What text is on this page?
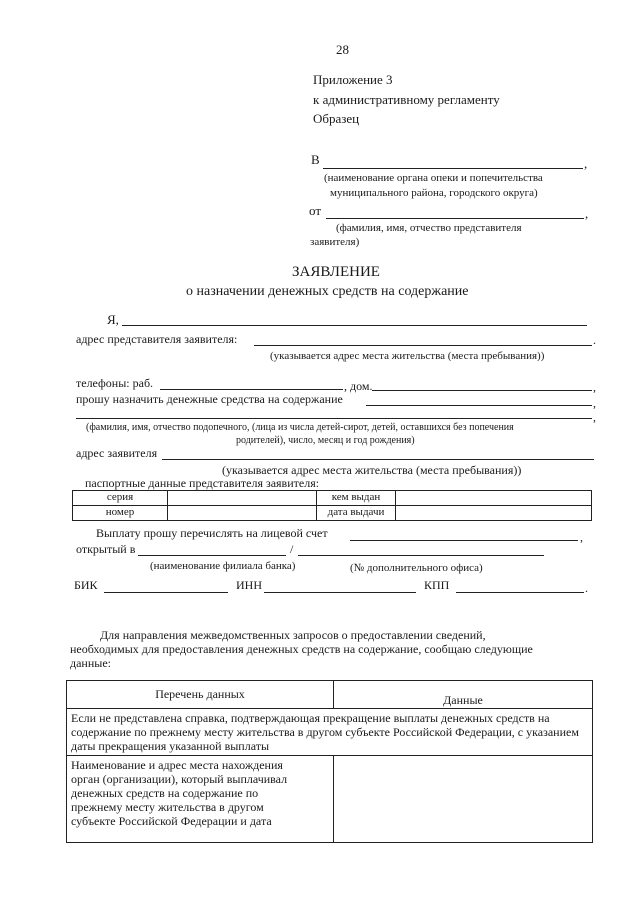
28
Приложение 3
к административному регламенту
Образец
В	,
(наименование органа опеки и попечительства
муниципального района, городского округа)
от	,
(фамилия, имя, отчество представителя
заявителя)
ЗАЯВЛЕНИЕ
о назначении денежных средств на содержание
Я,
адрес представителя заявителя:	.
(указывается адрес места жительства (места пребывания))
телефоны: раб.	, дом.	,
прошу назначить денежные средства на содержание	,
,
(фамилия, имя, отчество подопечного, (лица из числа детей-сирот, детей, оставшихся без попечения
родителей), число, месяц и год рождения)
адрес заявителя
(указывается адрес места жительства (места пребывания))
паспортные данные представителя заявителя:
серия		кем выдан	
номер		дата выдачи	
Выплату прошу перечислять на лицевой счет	,
открытый в	/
(наименование филиала банка)	(№ дополнительного офиса)
БИК	ИНН	КПП	.
Для направления межведомственных запросов о предоставлении сведений,
необходимых для предоставления денежных средств на содержание, сообщаю следующие
данные:
Перечень данных	Данные
Если не представлена справка, подтверждающая прекращение выплаты денежных средств на содержание по прежнему месту жительства в другом субъекте Российской Федерации, с указанием даты прекращения указанной выплаты	

Наименование и адрес места нахождения
орган (организации), который выплачивал
денежных средств на содержание по
прежнему месту жительства в другом
субъекте Российской Федерации и дата	
